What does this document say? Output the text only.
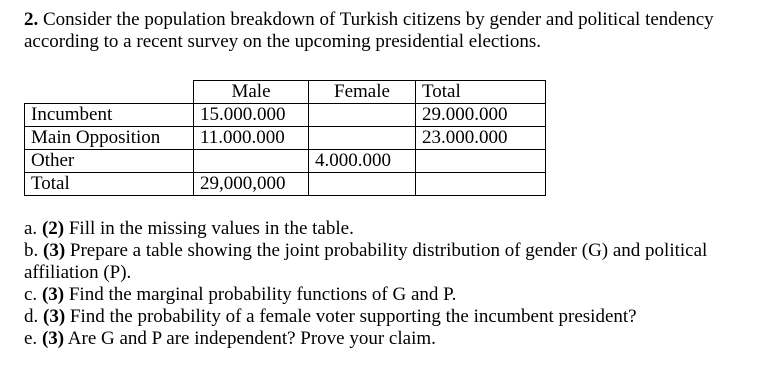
2. Consider the population breakdown of Turkish citizens by gender and political tendency
according to a recent survey on the upcoming presidential elections.
	Male	Female	Total
Incumbent	15.000.000		29.000.000
Main Opposition	11.000.000		23.000.000
Other		4.000.000	
Total	29,000,000		
a. (2) Fill in the missing values in the table.
b. (3) Prepare a table showing the joint probability distribution of gender (G) and political
affiliation (P).
c. (3) Find the marginal probability functions of G and P.
d. (3) Find the probability of a female voter supporting the incumbent president?
e. (3) Are G and P are independent? Prove your claim.
